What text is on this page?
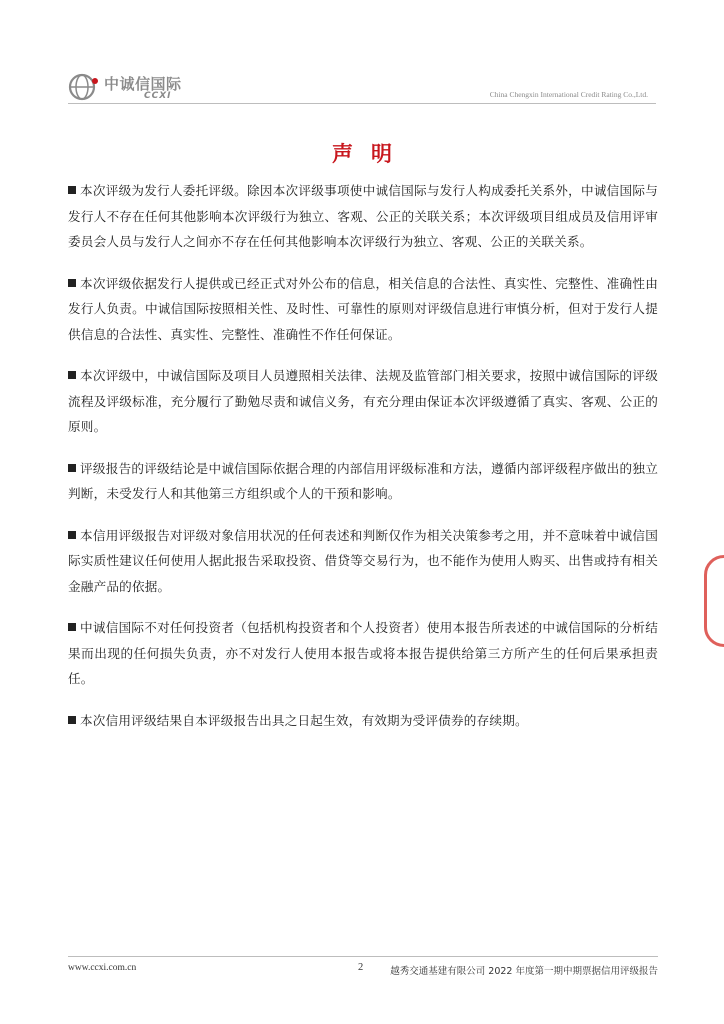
中诚信国际
CCXI	China Chengxin International Credit Rating Co.,Ltd.
声明
本次评级为发行人委托评级。除因本次评级事项使中诚信国际与发行人构成委托关系外，中诚信国际与发行人不存在任何其他影响本次评级行为独立、客观、公正的关联关系；本次评级项目组成员及信用评审委员会人员与发行人之间亦不存在任何其他影响本次评级行为独立、客观、公正的关联关系。
本次评级依据发行人提供或已经正式对外公布的信息，相关信息的合法性、真实性、完整性、准确性由发行人负责。中诚信国际按照相关性、及时性、可靠性的原则对评级信息进行审慎分析，但对于发行人提供信息的合法性、真实性、完整性、准确性不作任何保证。
本次评级中，中诚信国际及项目人员遵照相关法律、法规及监管部门相关要求，按照中诚信国际的评级流程及评级标准，充分履行了勤勉尽责和诚信义务，有充分理由保证本次评级遵循了真实、客观、公正的原则。
评级报告的评级结论是中诚信国际依据合理的内部信用评级标准和方法，遵循内部评级程序做出的独立判断，未受发行人和其他第三方组织或个人的干预和影响。
本信用评级报告对评级对象信用状况的任何表述和判断仅作为相关决策参考之用，并不意味着中诚信国际实质性建议任何使用人据此报告采取投资、借贷等交易行为，也不能作为使用人购买、出售或持有相关金融产品的依据。
中诚信国际不对任何投资者（包括机构投资者和个人投资者）使用本报告所表述的中诚信国际的分析结果而出现的任何损失负责，亦不对发行人使用本报告或将本报告提供给第三方所产生的任何后果承担责任。
本次信用评级结果自本评级报告出具之日起生效，有效期为受评债券的存续期。
www.ccxi.com.cn	2	越秀交通基建有限公司 2022 年度第一期中期票据信用评级报告
